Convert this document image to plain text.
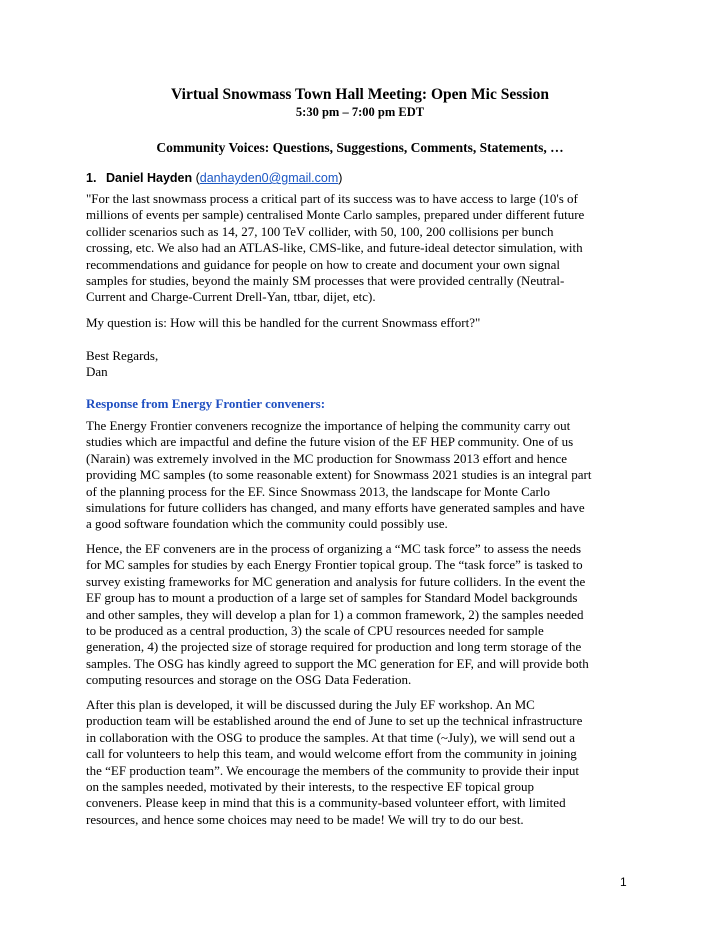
Virtual Snowmass Town Hall Meeting: Open Mic Session
5:30 pm – 7:00 pm EDT
Community Voices: Questions, Suggestions, Comments, Statements, …
1. Daniel Hayden (danhayden0@gmail.com)
"For the last snowmass process a critical part of its success was to have access to large (10's of
millions of events per sample) centralised Monte Carlo samples, prepared under different future
collider scenarios such as 14, 27, 100 TeV collider, with 50, 100, 200 collisions per bunch
crossing, etc. We also had an ATLAS-like, CMS-like, and future-ideal detector simulation, with
recommendations and guidance for people on how to create and document your own signal
samples for studies, beyond the mainly SM processes that were provided centrally (Neutral-
Current and Charge-Current Drell-Yan, ttbar, dijet, etc).
My question is: How will this be handled for the current Snowmass effort?"
Best Regards,
Dan
Response from Energy Frontier conveners:
The Energy Frontier conveners recognize the importance of helping the community carry out
studies which are impactful and define the future vision of the EF HEP community. One of us
(Narain) was extremely involved in the MC production for Snowmass 2013 effort and hence
providing MC samples (to some reasonable extent) for Snowmass 2021 studies is an integral part
of the planning process for the EF. Since Snowmass 2013, the landscape for Monte Carlo
simulations for future colliders has changed, and many efforts have generated samples and have
a good software foundation which the community could possibly use.
Hence, the EF conveners are in the process of organizing a “MC task force” to assess the needs
for MC samples for studies by each Energy Frontier topical group. The “task force” is tasked to
survey existing frameworks for MC generation and analysis for future colliders. In the event the
EF group has to mount a production of a large set of samples for Standard Model backgrounds
and other samples, they will develop a plan for 1) a common framework, 2) the samples needed
to be produced as a central production, 3) the scale of CPU resources needed for sample
generation, 4) the projected size of storage required for production and long term storage of the
samples. The OSG has kindly agreed to support the MC generation for EF, and will provide both
computing resources and storage on the OSG Data Federation.
After this plan is developed, it will be discussed during the July EF workshop. An MC
production team will be established around the end of June to set up the technical infrastructure
in collaboration with the OSG to produce the samples. At that time (~July), we will send out a
call for volunteers to help this team, and would welcome effort from the community in joining
the “EF production team”. We encourage the members of the community to provide their input
on the samples needed, motivated by their interests, to the respective EF topical group
conveners. Please keep in mind that this is a community-based volunteer effort, with limited
resources, and hence some choices may need to be made! We will try to do our best.
1
